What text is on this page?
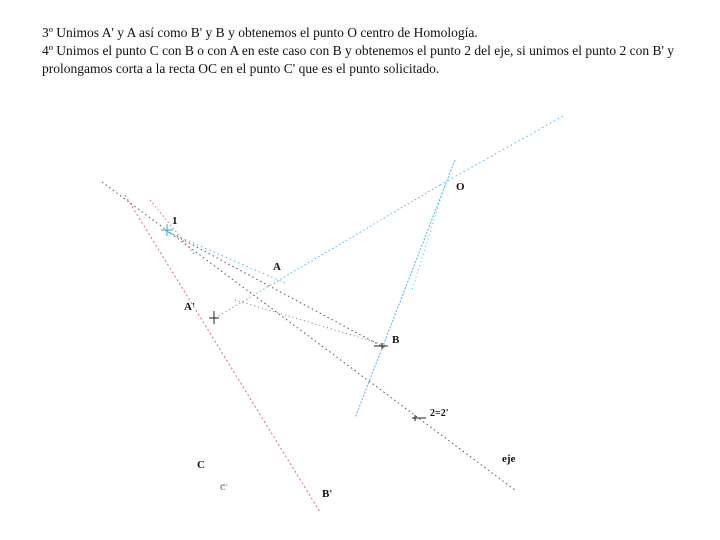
3º Unimos A' y A así como B' y B y obtenemos el punto O centro de Homología.

4º Unimos el punto C con B o con A en este caso con B y obtenemos el punto 2 del eje, si unimos el punto 2 con B' y prolongamos corta a la recta OC en el punto C' que es el punto solicitado.

O
1
A
A'
B
2=2'
eje
C
C'
B'
